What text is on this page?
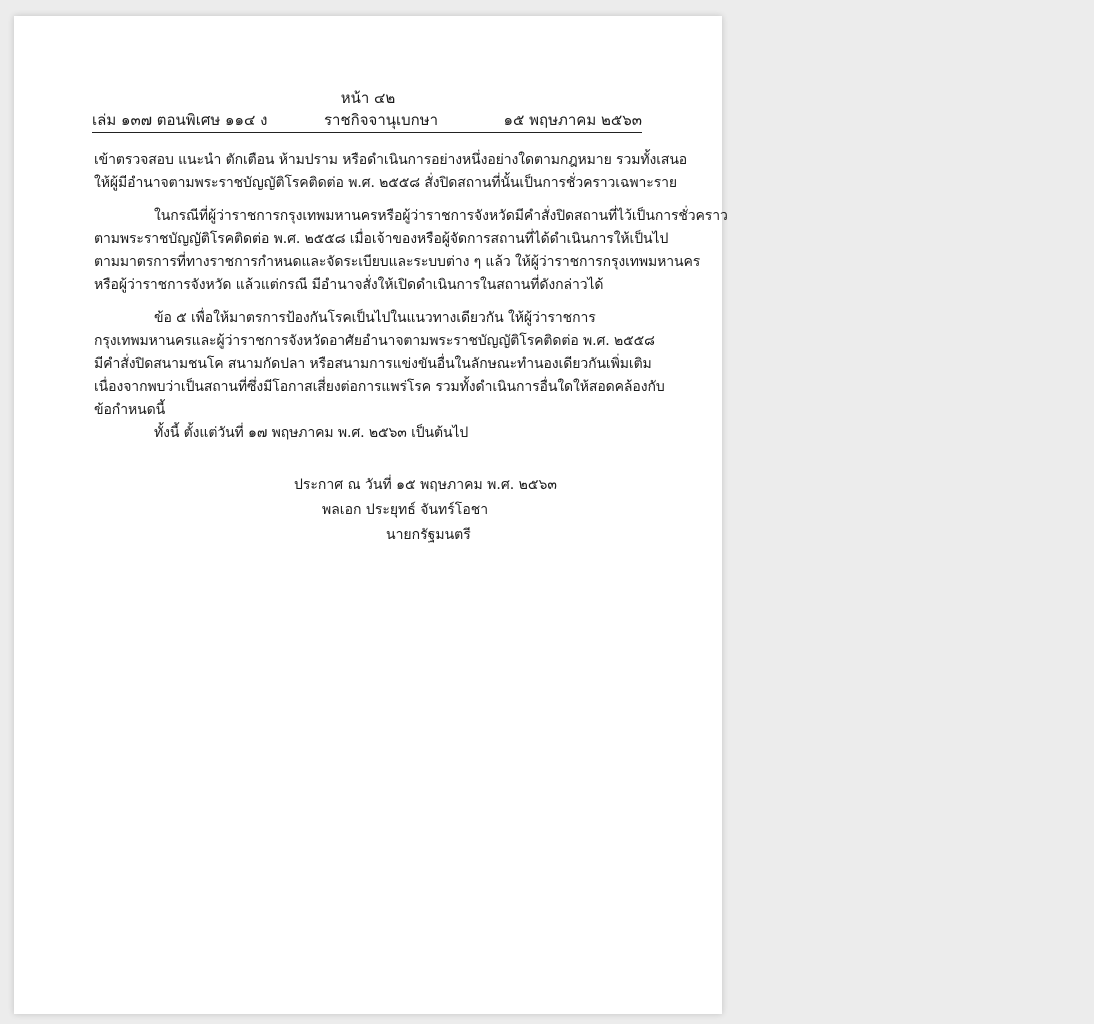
หน้า ๔๒
เล่ม ๑๓๗ ตอนพิเศษ ๑๑๔ ง	ราชกิจจานุเบกษา	๑๕ พฤษภาคม ๒๕๖๓
เข้าตรวจสอบ แนะนำ ตักเตือน ห้ามปราม หรือดำเนินการอย่างหนึ่งอย่างใดตามกฎหมาย รวมทั้งเสนอ
ให้ผู้มีอำนาจตามพระราชบัญญัติโรคติดต่อ พ.ศ. ๒๕๕๘ สั่งปิดสถานที่นั้นเป็นการชั่วคราวเฉพาะราย
ในกรณีที่ผู้ว่าราชการกรุงเทพมหานครหรือผู้ว่าราชการจังหวัดมีคำสั่งปิดสถานที่ไว้เป็นการชั่วคราว
ตามพระราชบัญญัติโรคติดต่อ พ.ศ. ๒๕๕๘ เมื่อเจ้าของหรือผู้จัดการสถานที่ได้ดำเนินการให้เป็นไป
ตามมาตรการที่ทางราชการกำหนดและจัดระเบียบและระบบต่าง ๆ แล้ว ให้ผู้ว่าราชการกรุงเทพมหานคร
หรือผู้ว่าราชการจังหวัด แล้วแต่กรณี มีอำนาจสั่งให้เปิดดำเนินการในสถานที่ดังกล่าวได้
ข้อ ๕ เพื่อให้มาตรการป้องกันโรคเป็นไปในแนวทางเดียวกัน ให้ผู้ว่าราชการ
กรุงเทพมหานครและผู้ว่าราชการจังหวัดอาศัยอำนาจตามพระราชบัญญัติโรคติดต่อ พ.ศ. ๒๕๕๘
มีคำสั่งปิดสนามชนโค สนามกัดปลา หรือสนามการแข่งขันอื่นในลักษณะทำนองเดียวกันเพิ่มเติม
เนื่องจากพบว่าเป็นสถานที่ซึ่งมีโอกาสเสี่ยงต่อการแพร่โรค รวมทั้งดำเนินการอื่นใดให้สอดคล้องกับ
ข้อกำหนดนี้
ทั้งนี้ ตั้งแต่วันที่ ๑๗ พฤษภาคม พ.ศ. ๒๕๖๓ เป็นต้นไป
ประกาศ ณ วันที่ ๑๕ พฤษภาคม พ.ศ. ๒๕๖๓
พลเอก ประยุทธ์ จันทร์โอชา
นายกรัฐมนตรี
